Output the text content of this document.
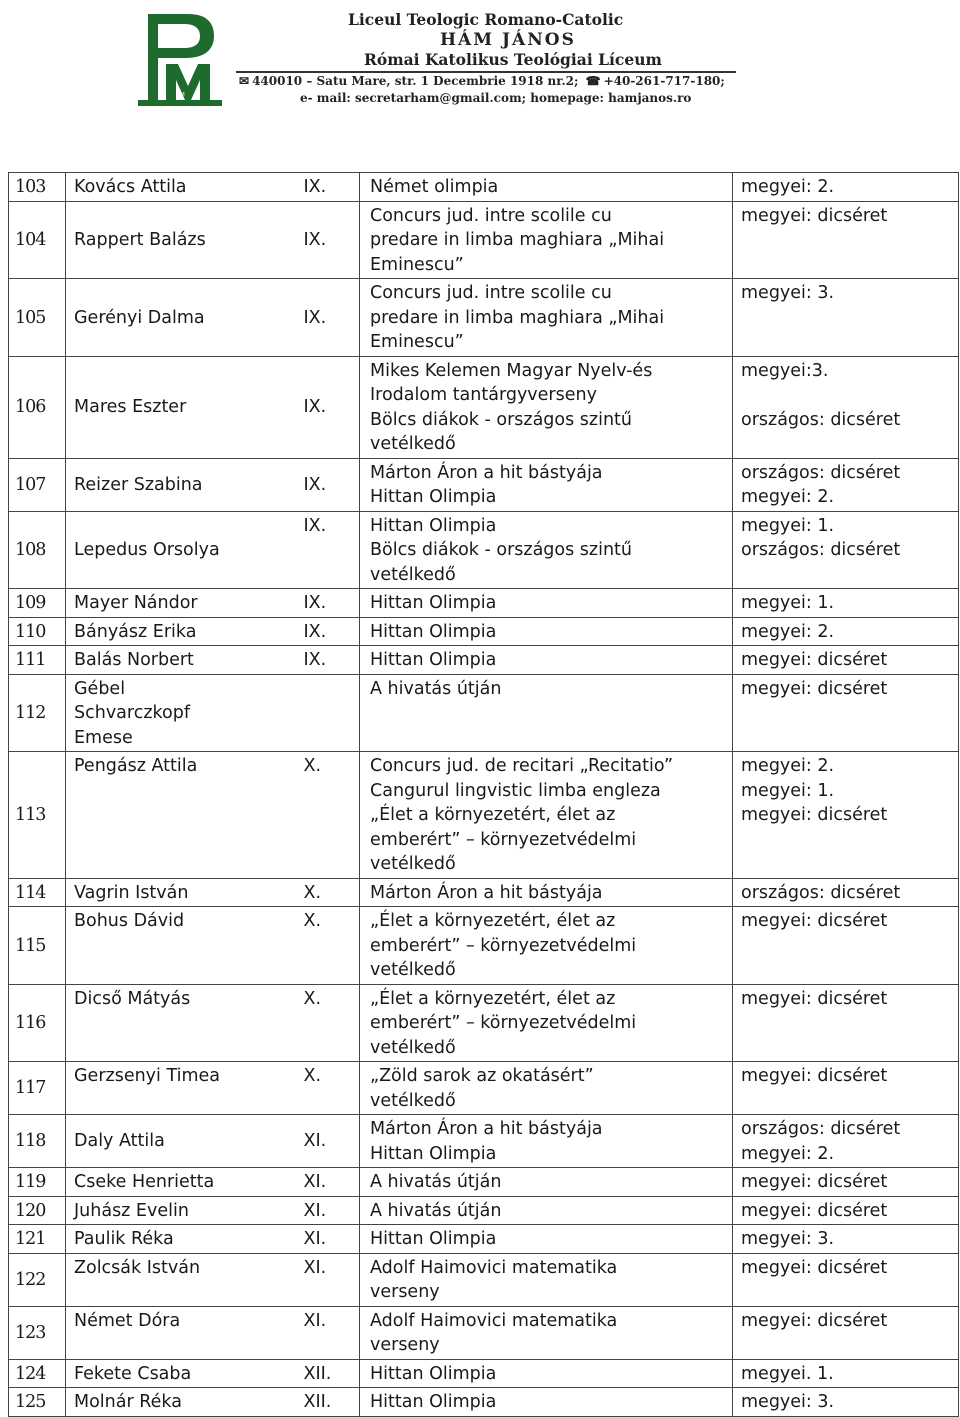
PM
Liceul Teologic Romano-Catolic
HÁM JÁNOS
Római Katolikus Teológiai Líceum
✉ 440010 – Satu Mare, str. 1 Decembrie 1918 nr.2; ☎ +40-261-717-180;
e- mail: secretarham@gmail.com; homepage: hamjanos.ro
103	Kovács Attila	IX.	Német olimpia	megyei: 2.

104	Rappert Balázs	IX.	Concurs jud. intre scolile cu
predare in limba maghiara „Mihai
Eminescu”	megyei: dicséret

105	Gerényi Dalma	IX.	Concurs jud. intre scolile cu
predare in limba maghiara „Mihai
Eminescu”	megyei: 3.

106	Mares Eszter	IX.	Mikes Kelemen Magyar Nyelv-és
Irodalom tantárgyverseny
Bölcs diákok - országos szintű
vetélkedő	megyei:3.
országos: dicséret

107	Reizer Szabina	IX.	Márton Áron a hit bástyája
Hittan Olimpia	országos: dicséret
megyei: 2.

108	Lepedus Orsolya	IX.	Hittan Olimpia
Bölcs diákok - országos szintű
vetélkedő	megyei: 1.
országos: dicséret

109	Mayer Nándor	IX.	Hittan Olimpia	megyei: 1.

110	Bányász Erika	IX.	Hittan Olimpia	megyei: 2.

111	Balás Norbert	IX.	Hittan Olimpia	megyei: dicséret

112	Gébel
Schvarczkopf
Emese		A hivatás útján	megyei: dicséret

113	Pengász Attila	X.	Concurs jud. de recitari „Recitatio”
Cangurul lingvistic limba engleza
„Élet a környezetért, élet az
emberért” – környezetvédelmi
vetélkedő	megyei: 2.
megyei: 1.
megyei: dicséret

114	Vagrin István	X.	Márton Áron a hit bástyája	országos: dicséret

115	Bohus Dávid	X.	„Élet a környezetért, élet az
emberért” – környezetvédelmi
vetélkedő	megyei: dicséret

116	Dicső Mátyás	X.	„Élet a környezetért, élet az
emberért” – környezetvédelmi
vetélkedő	megyei: dicséret

117	Gerzsenyi Timea	X.	„Zöld sarok az okatásért”
vetélkedő	megyei: dicséret

118	Daly Attila	XI.	Márton Áron a hit bástyája
Hittan Olimpia	országos: dicséret
megyei: 2.

119	Cseke Henrietta	XI.	A hivatás útján	megyei: dicséret

120	Juhász Evelin	XI.	A hivatás útján	megyei: dicséret

121	Paulik Réka	XI.	Hittan Olimpia	megyei: 3.

122	Zolcsák István	XI.	Adolf Haimovici matematika
verseny	megyei: dicséret

123	Német Dóra	XI.	Adolf Haimovici matematika
verseny	megyei: dicséret

124	Fekete Csaba	XII.	Hittan Olimpia	megyei. 1.

125	Molnár Réka	XII.	Hittan Olimpia	megyei: 3.
